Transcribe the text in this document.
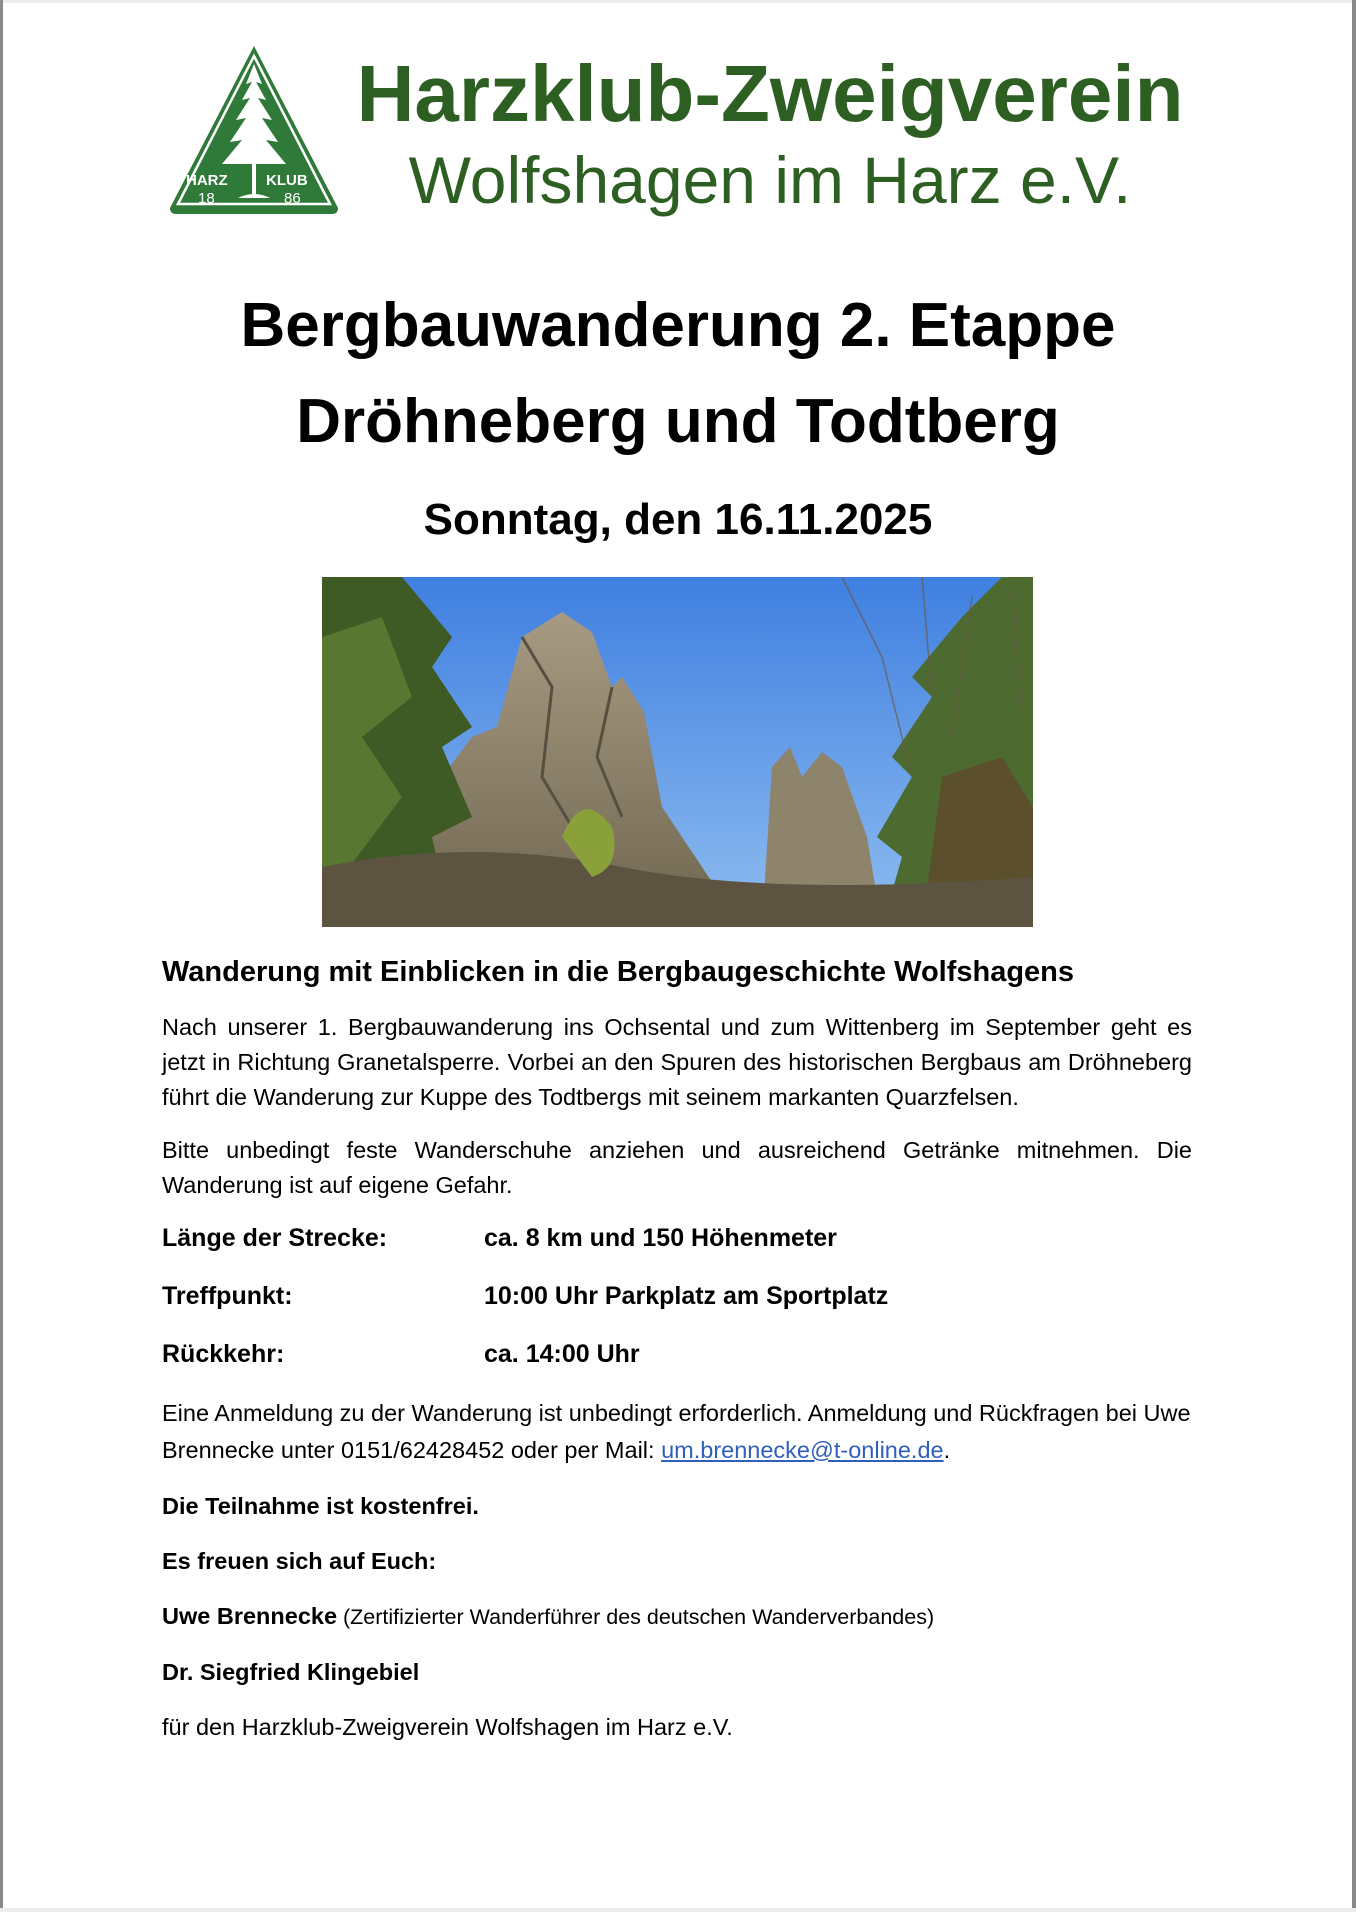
HARZ	KLUB
18	86
Harzklub-Zweigverein
Wolfshagen im Harz e.V.
Bergbauwanderung 2. Etappe
Dröhneberg und Todtberg
Sonntag, den 16.11.2025
Wanderung mit Einblicken in die Bergbaugeschichte Wolfshagens
Nach unserer 1. Bergbauwanderung ins Ochsental und zum Wittenberg im September geht es jetzt in Richtung Granetalsperre. Vorbei an den Spuren des historischen Bergbaus am Dröhneberg führt die Wanderung zur Kuppe des Todtbergs mit seinem markanten Quarzfelsen.
Bitte unbedingt feste Wanderschuhe anziehen und ausreichend Getränke mitnehmen. Die Wanderung ist auf eigene Gefahr.
Länge der Strecke:	ca. 8 km und 150 Höhenmeter
Treffpunkt:	10:00 Uhr Parkplatz am Sportplatz
Rückkehr:	ca. 14:00 Uhr
Eine Anmeldung zu der Wanderung ist unbedingt erforderlich. Anmeldung und Rückfragen bei Uwe Brennecke unter 0151/62428452 oder per Mail: um.brennecke@t-online.de.
Die Teilnahme ist kostenfrei.
Es freuen sich auf Euch:
Uwe Brennecke (Zertifizierter Wanderführer des deutschen Wanderverbandes)
Dr. Siegfried Klingebiel
für den Harzklub-Zweigverein Wolfshagen im Harz e.V.
